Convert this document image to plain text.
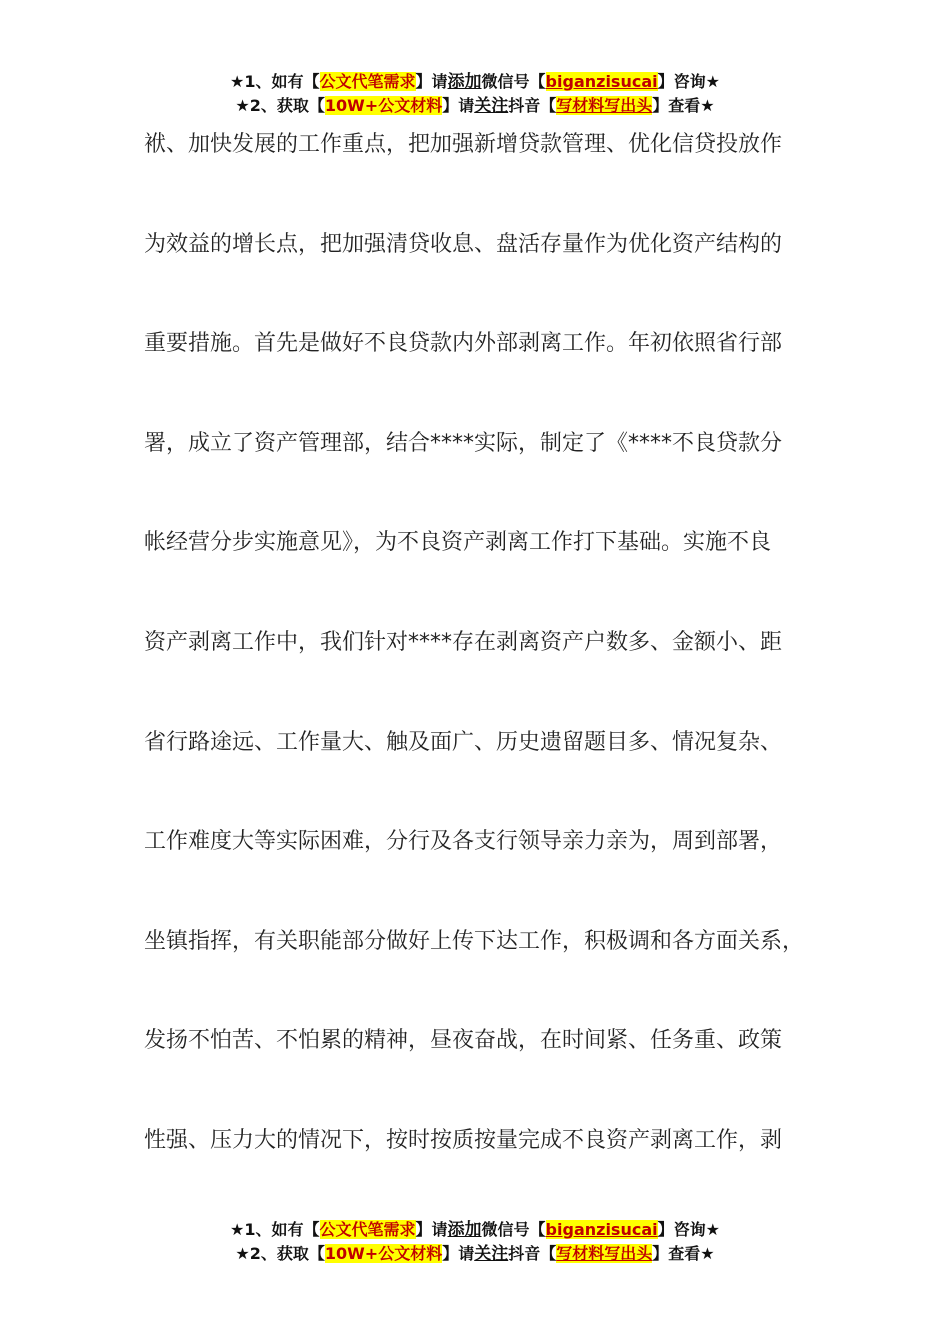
★1、如有【公文代笔需求】请添加微信号【biganzisucai】咨询★
★2、获取【10W+公文材料】请关注抖音【写材料写出头】查看★
袱、加快发展的工作重点，把加强新增贷款管理、优化信贷投放作
为效益的增长点，把加强清贷收息、盘活存量作为优化资产结构的
重要措施。首先是做好不良贷款内外部剥离工作。年初依照省行部
署，成立了资产管理部，结合****实际，制定了《****不良贷款分
帐经营分步实施意见》，为不良资产剥离工作打下基础。实施不良
资产剥离工作中，我们针对****存在剥离资产户数多、金额小、距
省行路途远、工作量大、触及面广、历史遗留题目多、情况复杂、
工作难度大等实际困难，分行及各支行领导亲力亲为，周到部署，
坐镇指挥，有关职能部分做好上传下达工作，积极调和各方面关系，
发扬不怕苦、不怕累的精神，昼夜奋战，在时间紧、任务重、政策
性强、压力大的情况下，按时按质按量完成不良资产剥离工作，剥
★1、如有【公文代笔需求】请添加微信号【biganzisucai】咨询★
★2、获取【10W+公文材料】请关注抖音【写材料写出头】查看★
